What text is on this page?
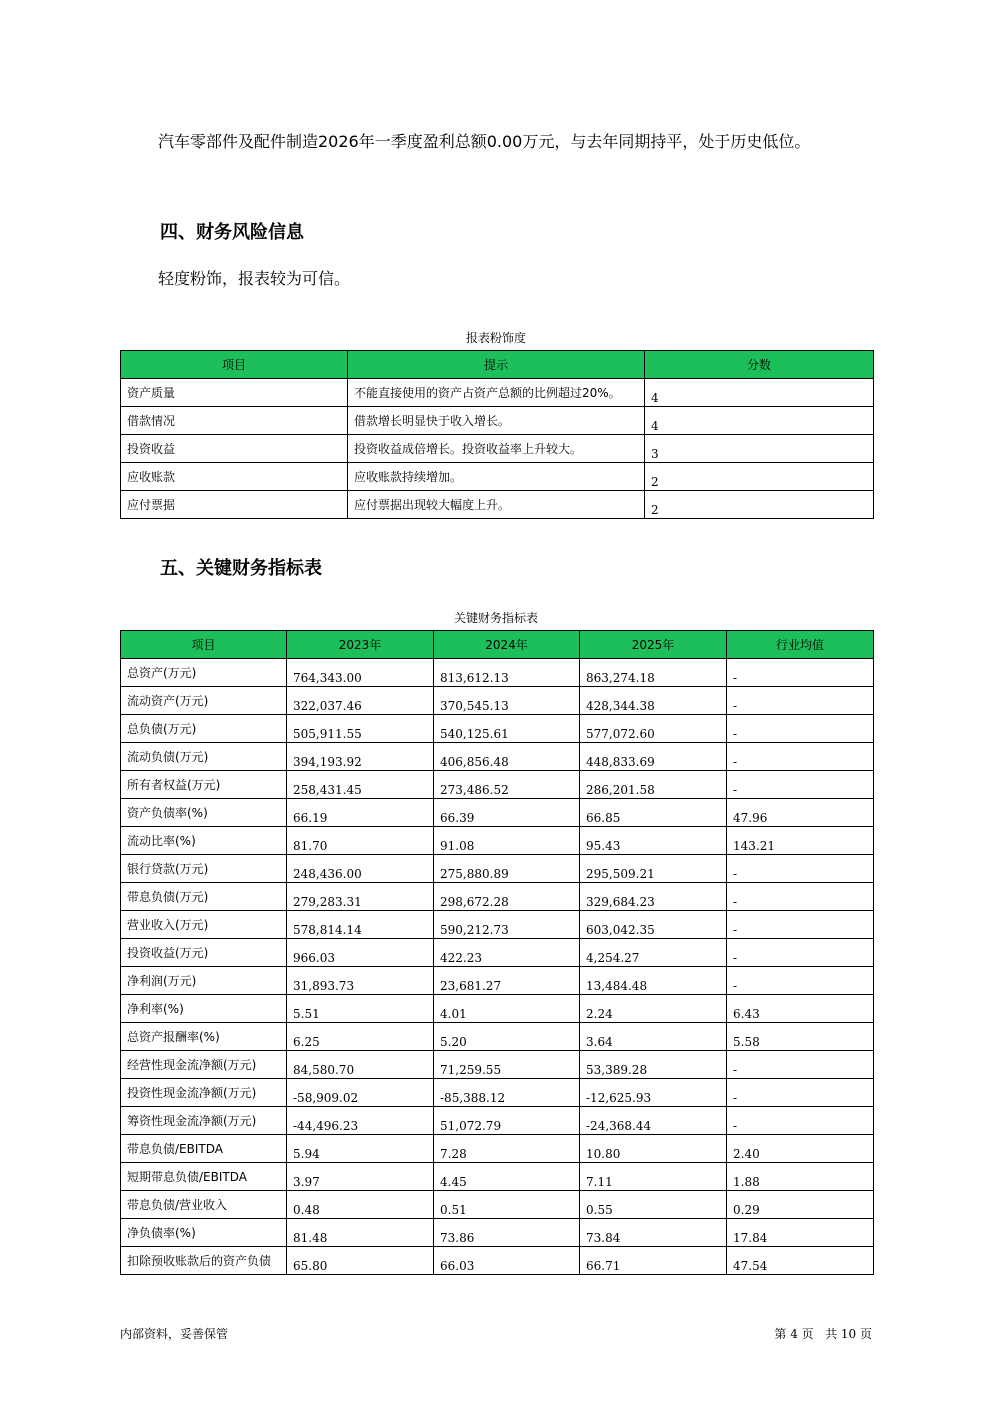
汽车零部件及配件制造2026年一季度盈利总额0.00万元，与去年同期持平，处于历史低位。

四、财务风险信息

轻度粉饰，报表较为可信。

报表粉饰度
项目	提示	分数
资产质量	不能直接使用的资产占资产总额的比例超过20%。	4
借款情况	借款增长明显快于收入增长。	4
投资收益	投资收益成倍增长。投资收益率上升较大。	3
应收账款	应收账款持续增加。	2
应付票据	应付票据出现较大幅度上升。	2
五、关键财务指标表
关键财务指标表
项目	2023年	2024年	2025年	行业均值
总资产(万元)	764,343.00	813,612.13	863,274.18	-
流动资产(万元)	322,037.46	370,545.13	428,344.38	-
总负债(万元)	505,911.55	540,125.61	577,072.60	-
流动负债(万元)	394,193.92	406,856.48	448,833.69	-
所有者权益(万元)	258,431.45	273,486.52	286,201.58	-
资产负债率(%)	66.19	66.39	66.85	47.96
流动比率(%)	81.70	91.08	95.43	143.21
银行贷款(万元)	248,436.00	275,880.89	295,509.21	-
带息负债(万元)	279,283.31	298,672.28	329,684.23	-
营业收入(万元)	578,814.14	590,212.73	603,042.35	-
投资收益(万元)	966.03	422.23	4,254.27	-
净利润(万元)	31,893.73	23,681.27	13,484.48	-
净利率(%)	5.51	4.01	2.24	6.43
总资产报酬率(%)	6.25	5.20	3.64	5.58
经营性现金流净额(万元)	84,580.70	71,259.55	53,389.28	-
投资性现金流净额(万元)	-58,909.02	-85,388.12	-12,625.93	-
筹资性现金流净额(万元)	-44,496.23	51,072.79	-24,368.44	-
带息负债/EBITDA	5.94	7.28	10.80	2.40
短期带息负债/EBITDA	3.97	4.45	7.11	1.88
带息负债/营业收入	0.48	0.51	0.55	0.29
净负债率(%)	81.48	73.86	73.84	17.84
扣除预收账款后的资产负债	65.80	66.03	66.71	47.54
内部资料，妥善保管	第 4 页   共 10 页
